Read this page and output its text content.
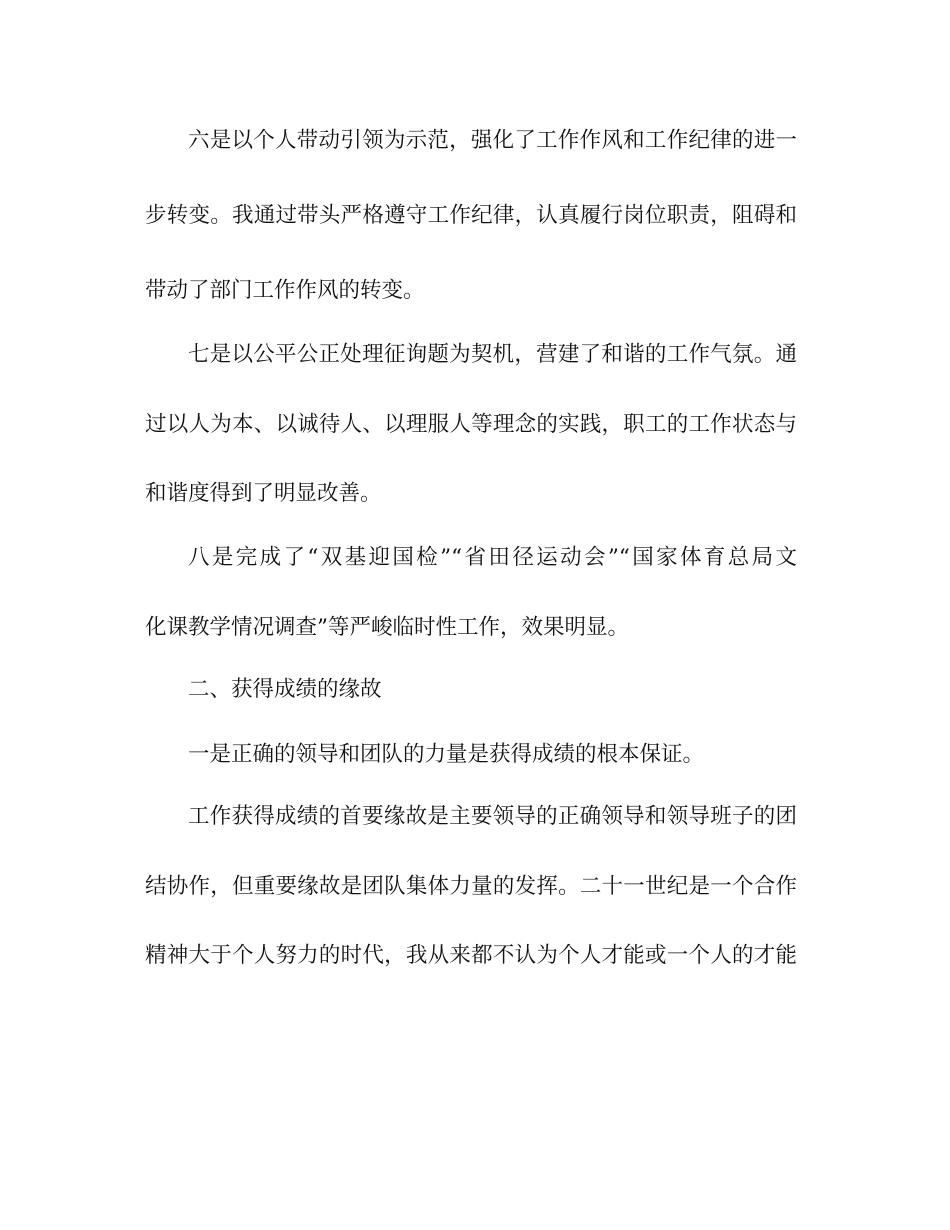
六是以个人带动引领为示范，强化了工作作风和工作纪律的进一
步转变。我通过带头严格遵守工作纪律，认真履行岗位职责，阻碍和
带动了部门工作作风的转变。
七是以公平公正处理征询题为契机，营建了和谐的工作气氛。通
过以人为本、以诚待人、以理服人等理念的实践，职工的工作状态与
和谐度得到了明显改善。
八是完成了“双基迎国检”“省田径运动会”“国家体育总局文
化课教学情况调查”等严峻临时性工作，效果明显。
二、获得成绩的缘故
一是正确的领导和团队的力量是获得成绩的根本保证。
工作获得成绩的首要缘故是主要领导的正确领导和领导班子的团
结协作，但重要缘故是团队集体力量的发挥。二十一世纪是一个合作
精神大于个人努力的时代，我从来都不认为个人才能或一个人的才能
